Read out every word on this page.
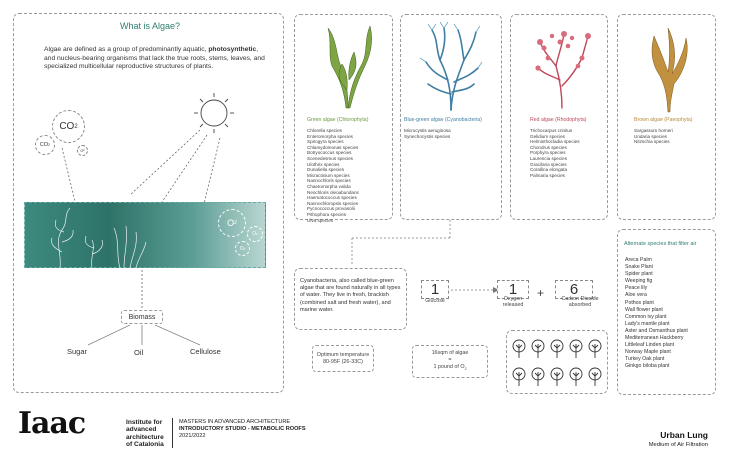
What is Algae?
Algae are defined as a group of predominantly aquatic, photosynthetic, and nucleus-bearing organisms that lack the true roots, stems, leaves, and specialized multicellular reproductive structures of plants.
CO 2
CO 2
O 2
O 2
O 2
O 2
Biomass
Sugar	Oil	Cellulose
Green algae (Chlorophyta)
Chlorella species
Enteromorpha species
Spirogyra species
Chlamydomonas species
Botryococcus species
Scenedesmus species
Ulothrix species
Dunaliella species
Micractinium species
Nannochloris species
Chaetomorpha valida
Neochloris oleoabundans
Haematococcus species
Nannochloropsis species
Pycnococcus provasolii
Pithophora species
Ulva species
Blue-green algae (Cyanobacteria)
Microcystis aeruginosa
Synechocystis species
Red algae (Rhodophyta)
Trichocarpus crinitus
Gelidium species
Helminthocladia species
Chondrus species
Porphyra species
Laurencia species
Gracilaria species
Corallina elongata
Palmaria species
Brown algae (Paeophyta)
Sargassum horneri
Undaria species
Nitzschia species
Cyanobacteria, also called blue-green algae that are found naturally in all types of water. They live in fresh, brackish (combined salt and fresh water), and marine water.
1
Glucose
1
Oxygen released
+ 6
Carbon Dioxide absorbed
Optimum temperature
80-95F (26-33C)
16sqm of algae
=
1 pound of $O_2$
Alternate species that filter air
Areca Palm
Snake Plant
Spider plant
Weeping fig
Peace lily
Aloe vera
Pothos plant
Wall flower plant
Common ivy plant
Lady's mantle plant
Aster and Osmanthus plant
Mediterranean Hackberry
Littleleaf Linden plant
Norway Maple plant
Turkey Oak plant
Ginkgo biloba plant
Iaac	Institute for
advanced
architecture
of Catalonia
MASTERS IN ADVANCED ARCHITECTURE
INTRODUCTORY STUDIO - METABOLIC ROOFS
2021/2022	Urban Lung
Medium of Air Filtration
